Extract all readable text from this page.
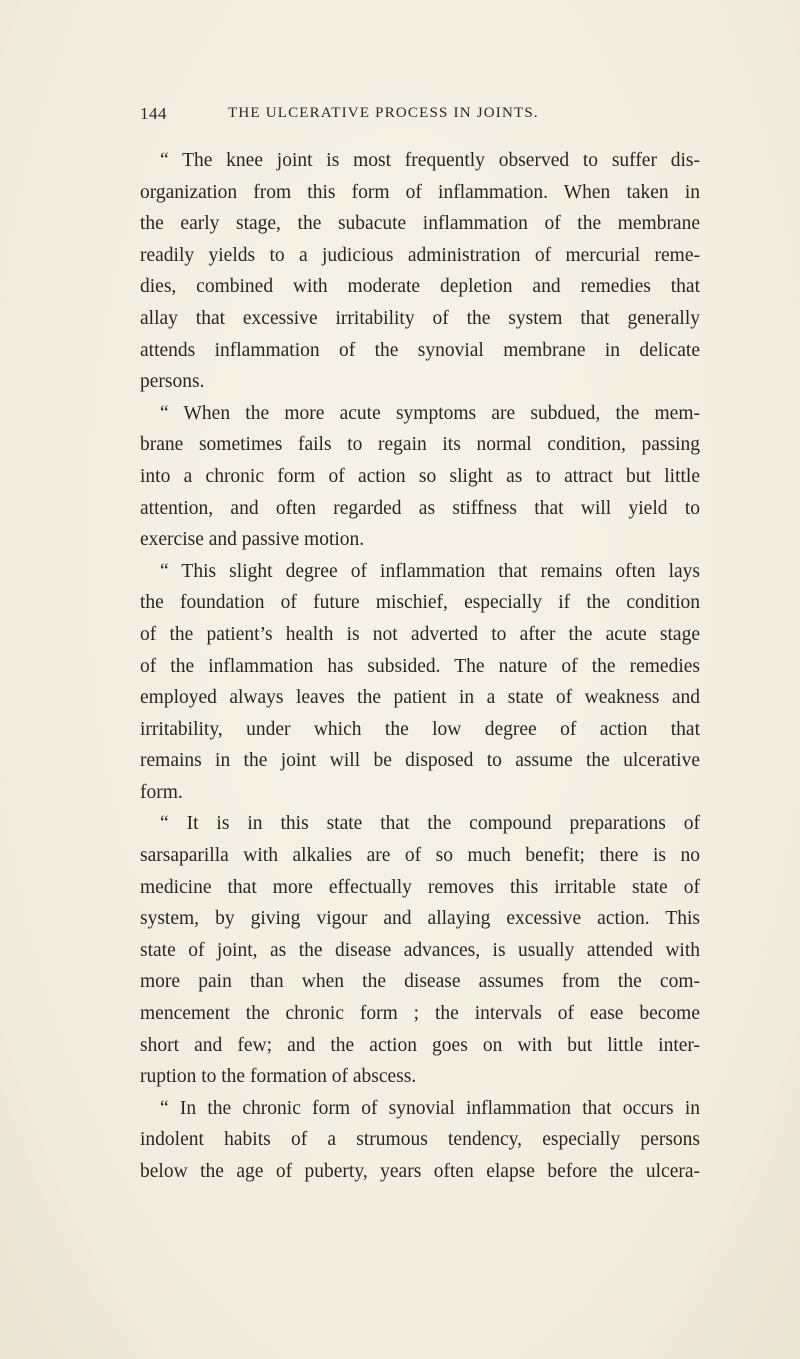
144	THE ULCERATIVE PROCESS IN JOINTS.
“ The knee joint is most frequently observed to suffer dis-
organization from this form of inflammation. When taken in
the early stage, the subacute inflammation of the membrane
readily yields to a judicious administration of mercurial reme-
dies, combined with moderate depletion and remedies that
allay that excessive irritability of the system that generally
attends inflammation of the synovial membrane in delicate
persons.
“ When the more acute symptoms are subdued, the mem-
brane sometimes fails to regain its normal condition, passing
into a chronic form of action so slight as to attract but little
attention, and often regarded as stiffness that will yield to
exercise and passive motion.
“ This slight degree of inflammation that remains often lays
the foundation of future mischief, especially if the condition
of the patient’s health is not adverted to after the acute stage
of the inflammation has subsided. The nature of the remedies
employed always leaves the patient in a state of weakness and
irritability, under which the low degree of action that
remains in the joint will be disposed to assume the ulcerative
form.
“ It is in this state that the compound preparations of
sarsaparilla with alkalies are of so much benefit; there is no
medicine that more effectually removes this irritable state of
system, by giving vigour and allaying excessive action. This
state of joint, as the disease advances, is usually attended with
more pain than when the disease assumes from the com-
mencement the chronic form ; the intervals of ease become
short and few; and the action goes on with but little inter-
ruption to the formation of abscess.
“ In the chronic form of synovial inflammation that occurs in
indolent habits of a strumous tendency, especially persons
below the age of puberty, years often elapse before the ulcera-
